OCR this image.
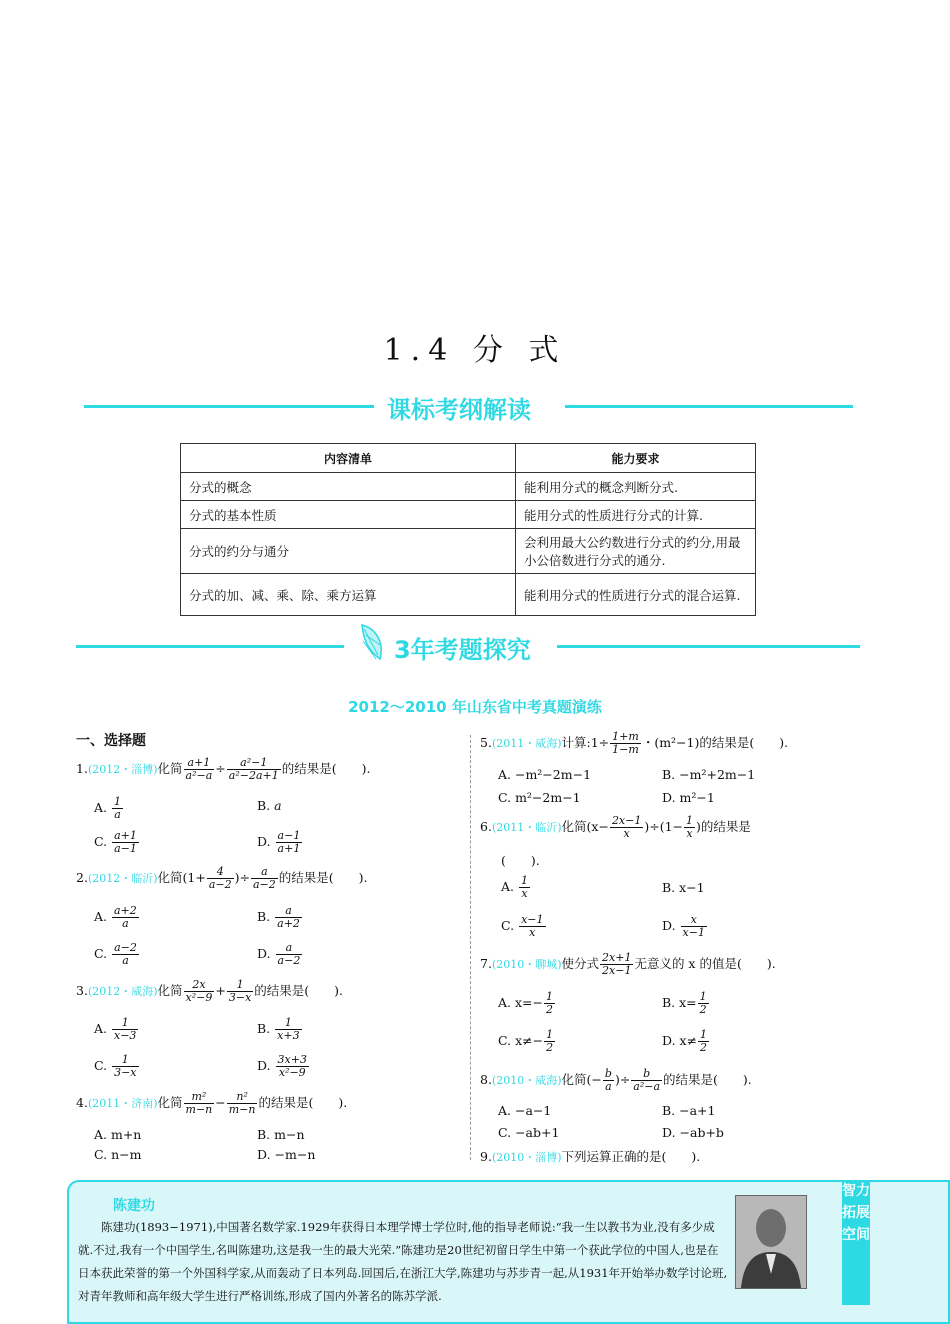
1.4 分 式
课标考纲解读
内容清单	能力要求
分式的概念	能利用分式的概念判断分式.
分式的基本性质	能用分式的性质进行分式的计算.
分式的约分与通分	会利用最大公约数进行分式的约分,用最小公倍数进行分式的通分.
分式的加、减、乘、除、乘方运算	能利用分式的性质进行分式的混合运算.
3年考题探究
2012～2010 年山东省中考真题演练
一、选择题
1.(2012・淄博)化简 $\frac{a+1}{\text{a²−a}} \div \frac{\text{a²−1}}{\text{a²−2a+1}}$ 的结果是(　　).
A. $\frac{1}{a}$	B. a
C. $\frac{a+1}{a-1}$	D. $\frac{a-1}{a+1}$
2.(2012・临沂)化简($1+ \frac{4}{a-2}$ )÷ $\frac{a}{a-2}$ 的结果是(　　).
A. $\frac{a+2}{a}$	B. $\frac{a}{a+2}$
C. $\frac{a-2}{a}$	D. $\frac{a}{a-2}$
3.(2012・威海)化简 $\frac{2x}{\text{x²−9}} + \frac{1}{3-x}$ 的结果是(　　).
A. $\frac{1}{x-3}$	B. $\frac{1}{x+3}$
C. $\frac{1}{3-x}$	D. $\frac{3x+3}{\text{x²−9}}$
4.(2011・济南)化简 $\frac{\text{m²}}{m-n} - \frac{\text{n²}}{m-n}$ 的结果是(　　).
A. m+n	B. m−n
C. n−m	D. −m−n
5.(2011・威海)计算:1÷ $\frac{1+m}{1-m}$ ・(m²−1)的结果是(　　).
A. −m²−2m−1	B. −m²+2m−1
C. m²−2m−1	D. m²−1
6.(2011・临沂)化简$(x- \frac{2x-1}{x} )\div(1- \frac{1}{x}$ )的结果是
(　　).
A. $\frac{1}{x}$	B. x−1
C. $\frac{x-1}{x}$	D. $\frac{x}{x-1}$
7.(2010・聊城)使分式 $\frac{2x+1}{2x-1}$ 无意义的 x 的值是(　　).
A. $x=- \frac{1}{2}$	B. $x= \frac{1}{2}$
C. $x\ne- \frac{1}{2}$	D. $x\ne \frac{1}{2}$
8.(2010・威海)化简(− $\frac{b}{a}$ )÷ $\frac{b}{\text{a²−a}}$ 的结果是(　　).
A. −a−1	B. −a+1
C. −ab+1	D. −ab+b
9.(2010・淄博)下列运算正确的是(　　).
陈建功
陈建功(1893−1971),中国著名数学家.1929年获得日本理学博士学位时,他的指导老师说:“我一生以教书为业,没有多少成就.不过,我有一个中国学生,名叫陈建功,这是我一生的最大光荣.”陈建功是20世纪初留日学生中第一个获此学位的中国人,也是在日本获此荣誉的第一个外国科学家,从而轰动了日本列岛.回国后,在浙江大学,陈建功与苏步青一起,从1931年开始举办数学讨论班,对青年教师和高年级大学生进行严格训练,形成了国内外著名的陈苏学派.
智力拓展空间
